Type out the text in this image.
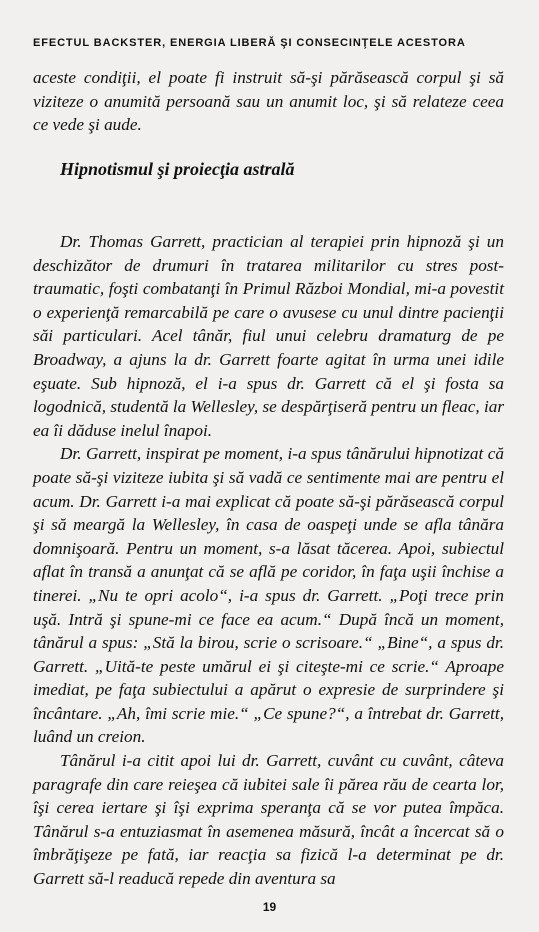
EFECTUL BACKSTER, ENERGIA LIBERĂ ŞI CONSECINŢELE ACESTORA

aceste condiţii, el poate fi instruit să-şi părăsească corpul şi să viziteze o anumită persoană sau un anumit loc, şi să relateze ceea ce vede şi aude.

Hipnotismul şi proiecţia astrală

Dr. Thomas Garrett, practician al terapiei prin hipnoză şi un deschizător de drumuri în tratarea militarilor cu stres post-traumatic, foşti combatanţi în Primul Război Mondial, mi-a povestit o experienţă remarcabilă pe care o avusese cu unul dintre pacienţii săi particulari. Acel tânăr, fiul unui celebru dramaturg de pe Broadway, a ajuns la dr. Garrett foarte agitat în urma unei idile eşuate. Sub hipnoză, el i-a spus dr. Garrett că el şi fosta sa logodnică, studentă la Wellesley, se despărţiseră pentru un fleac, iar ea îi dăduse inelul înapoi.

Dr. Garrett, inspirat pe moment, i-a spus tânărului hipnotizat că poate să-şi viziteze iubita şi să vadă ce sentimente mai are pentru el acum. Dr. Garrett i-a mai explicat că poate să-şi părăsească corpul şi să meargă la Wellesley, în casa de oaspeţi unde se afla tânăra domnişoară. Pentru un moment, s-a lăsat tăcerea. Apoi, subiectul aflat în transă a anunţat că se află pe coridor, în faţa uşii închise a tinerei. „Nu te opri acolo“, i-a spus dr. Garrett. „Poţi trece prin uşă. Intră şi spune-mi ce face ea acum.“ După încă un moment, tânărul a spus: „Stă la birou, scrie o scrisoare.“ „Bine“, a spus dr. Garrett. „Uită-te peste umărul ei şi citeşte-mi ce scrie.“ Aproape imediat, pe faţa subiectului a apărut o expresie de surprindere şi încântare. „Ah, îmi scrie mie.“ „Ce spune?“, a întrebat dr. Garrett, luând un creion.

Tânărul i-a citit apoi lui dr. Garrett, cuvânt cu cuvânt, câteva paragrafe din care reieşea că iubitei sale îi părea rău de cearta lor, îşi cerea iertare şi îşi exprima speranţa că se vor putea împăca. Tânărul s-a entuziasmat în asemenea măsură, încât a încercat să o îmbrăţişeze pe fată, iar reacţia sa fizică l-a determinat pe dr. Garrett să-l readucă repede din aventura sa

19
